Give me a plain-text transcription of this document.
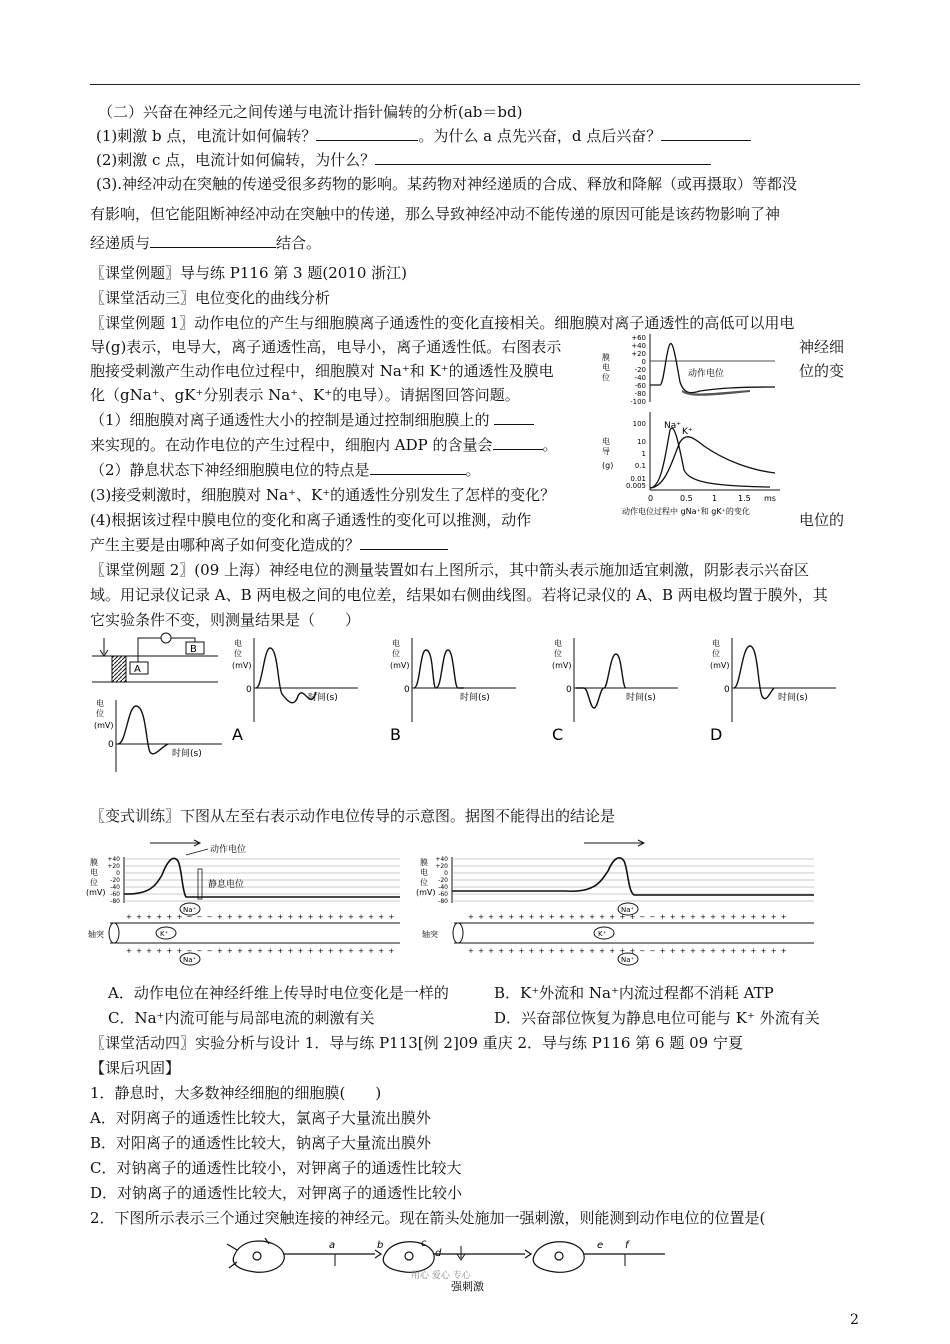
（二）兴奋在神经元之间传递与电流计指针偏转的分析(ab＝bd)
(1)刺激 b 点，电流计如何偏转？	。为什么 a 点先兴奋，d 点后兴奋？
(2)刺激 c 点，电流计如何偏转，为什么？
(3).神经冲动在突触的传递受很多药物的影响。某药物对神经递质的合成、释放和降解（或再摄取）等都没
有影响，但它能阻断神经冲动在突触中的传递，那么导致神经冲动不能传递的原因可能是该药物影响了神
经递质与	结合。
〖课堂例题〗导与练 P116 第 3 题(2010 浙江)
〖课堂活动三〗电位变化的曲线分析
〖课堂例题 1〗动作电位的产生与细胞膜离子通透性的变化直接相关。细胞膜对离子通透性的高低可以用电
导(g)表示，电导大，离子通透性高，电导小，离子通透性低。右图表示	神经细
胞接受刺激产生动作电位过程中，细胞膜对 Na⁺和 K⁺的通透性及膜电	位的变
化（gNa⁺、gK⁺分别表示 Na⁺、K⁺的电导）。请据图回答问题。
（1）细胞膜对离子通透性大小的控制是通过控制细胞膜上的
来实现的。在动作电位的产生过程中，细胞内 ADP 的含量会	。
（2）静息状态下神经细胞膜电位的特点是	。
(3)接受刺激时，细胞膜对 Na⁺、K⁺的通透性分别发生了怎样的变化？
(4)根据该过程中膜电位的变化和离子通透性的变化可以推测，动作	电位的
产生主要是由哪种离子如何变化造成的？
膜电位
+60
+40
+20
0
-20
-40
-60
-80
-100
动作电位
电导(g)
100
10
1
0.1
0.01
0.005
Na⁺
K⁺
0	0.5 1	1.5 ms
动作电位过程中 gNa⁺和 gK⁺的变化
〖课堂例题 2〗(09 上海）神经电位的测量装置如右上图所示，其中箭头表示施加适宜刺激，阴影表示兴奋区
域。用记录仪记录 A、B 两电极之间的电位差，结果如右侧曲线图。若将记录仪的 A、B 两电极均置于膜外，其
它实验条件不变，则测量结果是（　　）
A
B
电位(mV)
0
时间(s)
电位(mV)
0
时间(s)
A
电位(mV)
0
时间(s)
B
电位(mV)
0
时间(s)
C
电位(mV)
0
时间(s)
D
〖变式训练〗下图从左至右表示动作电位传导的示意图。据图不能得出的结论是
膜电位(mV)
+40
+20
0
-20
-40
-60
-80
动作电位
静息电位
轴突
+ + + + + + − − − + + + + + + + + + + + + + + + + + +
+ + + + + + − − − + + + + + + + + + + + + + + + + + +
Na⁺
K⁺
Na⁺
膜电位(mV)
+40
+20
0
-20
-40
-60
-80
轴突
+ + + + + + + + + + + + + + + + + − − + + + + + + + + + + + + +
+ + + + + + + + + + + + + + + + + − − + + + + + + + + + + + + +
Na⁺
K⁺
Na⁺
A．动作电位在神经纤维上传导时电位变化是一样的	B．K⁺外流和 Na⁺内流过程都不消耗 ATP
C．Na⁺内流可能与局部电流的刺激有关	D．兴奋部位恢复为静息电位可能与 K⁺ 外流有关
〖课堂活动四〗实验分析与设计 1．导与练 P113[例 2]09 重庆 2．导与练 P116 第 6 题 09 宁夏
【课后巩固】
1．静息时，大多数神经细胞的细胞膜(　　)
A．对阴离子的通透性比较大，氯离子大量流出膜外
B．对阳离子的通透性比较大，钠离子大量流出膜外
C．对钠离子的通透性比较小，对钾离子的通透性比较大
D．对钠离子的通透性比较大，对钾离子的通透性比较小
2．下图所示表示三个通过突触连接的神经元。现在箭头处施加一强刺激，则能测到动作电位的位置是(
a	b	c
d
e f
用心 爱心 专心
强刺激
2
